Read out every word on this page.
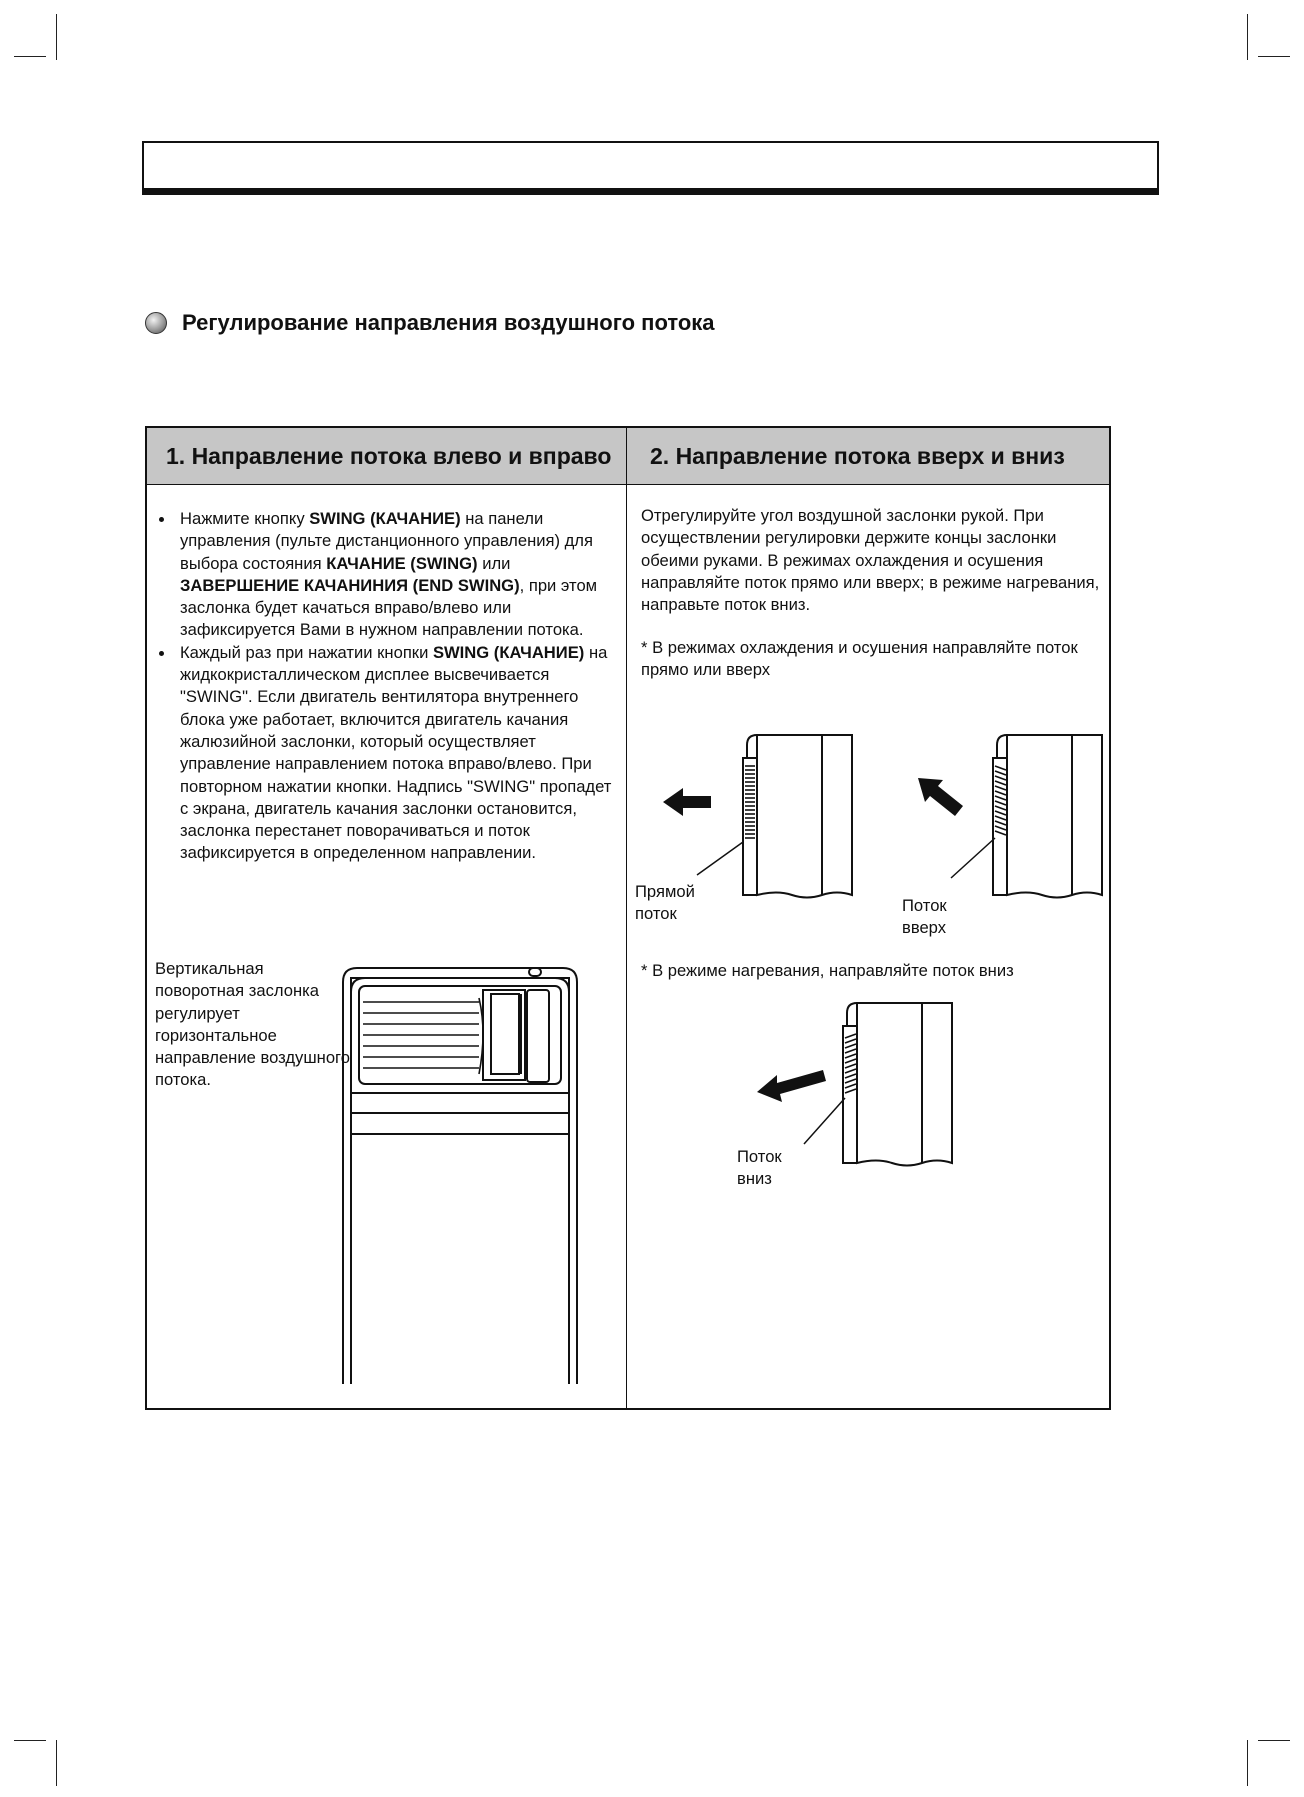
Регулирование направления воздушного потока
1. Направление потока влево и вправо 2. Направление потока вверх и вниз
Нажмите кнопку SWING (КАЧАНИЕ) на панели управления (пульте дистанционного управления) для выбора состояния КАЧАНИЕ (SWING) или ЗАВЕРШЕНИЕ КАЧАНИНИЯ (END SWING), при этом заслонка будет качаться вправо/влево или зафиксируется Вами в нужном направлении потока.
Каждый раз при нажатии кнопки SWING (КАЧАНИЕ) на жидкокристаллическом дисплее высвечивается "SWING". Если двигатель вентилятора внутреннего блока уже работает, включится двигатель качания жалюзийной заслонки, который осуществляет управление направлением потока вправо/влево. При повторном нажатии кнопки. Надпись "SWING" пропадет с экрана, двигатель качания заслонки остановится, заслонка перестанет поворачиваться и поток зафиксируется в определенном направлении.
Вертикальная поворотная заслонка регулирует горизонтальное направление воздушного потока.
Отрегулируйте угол воздушной заслонки рукой. При осуществлении регулировки держите концы заслонки обеими руками. В режимах охлаждения и осушения направляйте поток прямо или вверх; в режиме нагревания, направьте поток вниз.
* В режимах охлаждения и осушения направляйте поток прямо или вверх
Прямой поток	Поток вверх
* В режиме нагревания, направляйте поток вниз
Поток вниз
